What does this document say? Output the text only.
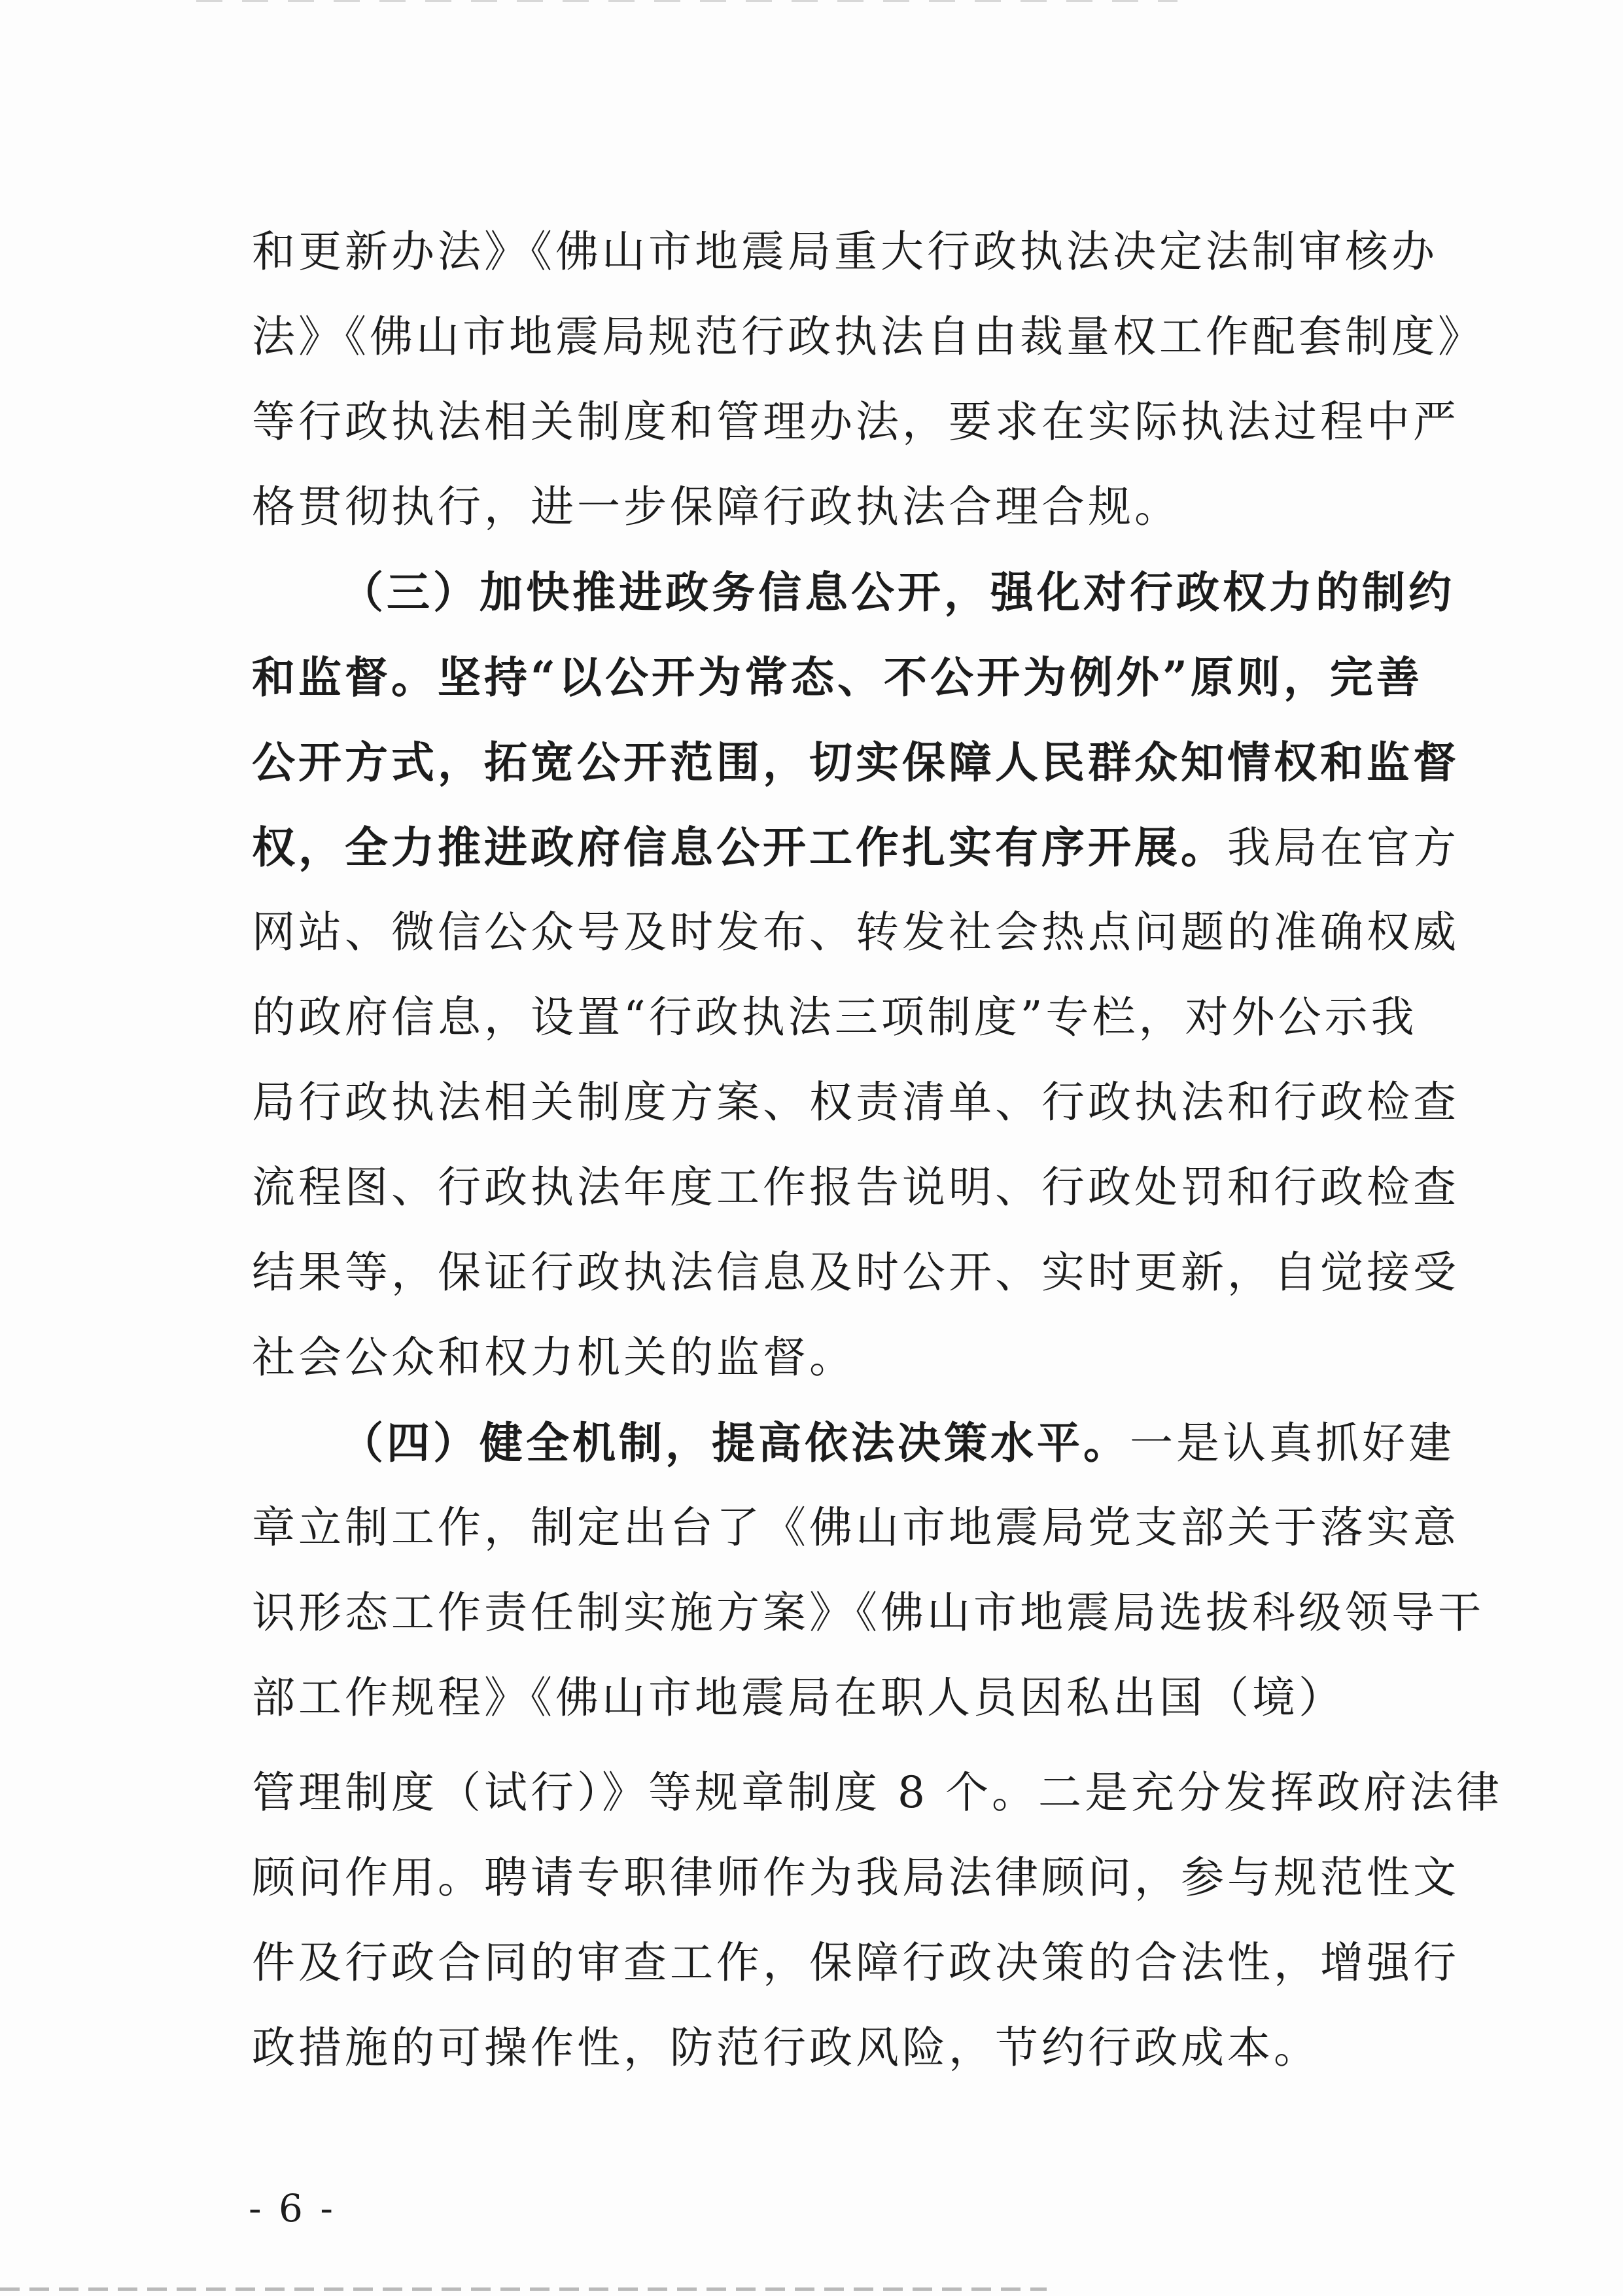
和更新办法》《佛山市地震局重大行政执法决定法制审核办
法》《佛山市地震局规范行政执法自由裁量权工作配套制度》
等行政执法相关制度和管理办法，要求在实际执法过程中严
格贯彻执行，进一步保障行政执法合理合规。
（三）加快推进政务信息公开，强化对行政权力的制约
和监督。坚持“以公开为常态、不公开为例外”原则，完善
公开方式，拓宽公开范围，切实保障人民群众知情权和监督
权，全力推进政府信息公开工作扎实有序开展。我局在官方
网站、微信公众号及时发布、转发社会热点问题的准确权威
的政府信息，设置“行政执法三项制度”专栏，对外公示我
局行政执法相关制度方案、权责清单、行政执法和行政检查
流程图、行政执法年度工作报告说明、行政处罚和行政检查
结果等，保证行政执法信息及时公开、实时更新，自觉接受
社会公众和权力机关的监督。
（四）健全机制，提高依法决策水平。一是认真抓好建
章立制工作，制定出台了《佛山市地震局党支部关于落实意
识形态工作责任制实施方案》《佛山市地震局选拔科级领导干
部工作规程》《佛山市地震局在职人员因私出国（境）
管理制度（试行）》等规章制度 8 个。二是充分发挥政府法律
顾问作用。聘请专职律师作为我局法律顾问，参与规范性文
件及行政合同的审查工作，保障行政决策的合法性，增强行
政措施的可操作性，防范行政风险，节约行政成本。
- 6 -
